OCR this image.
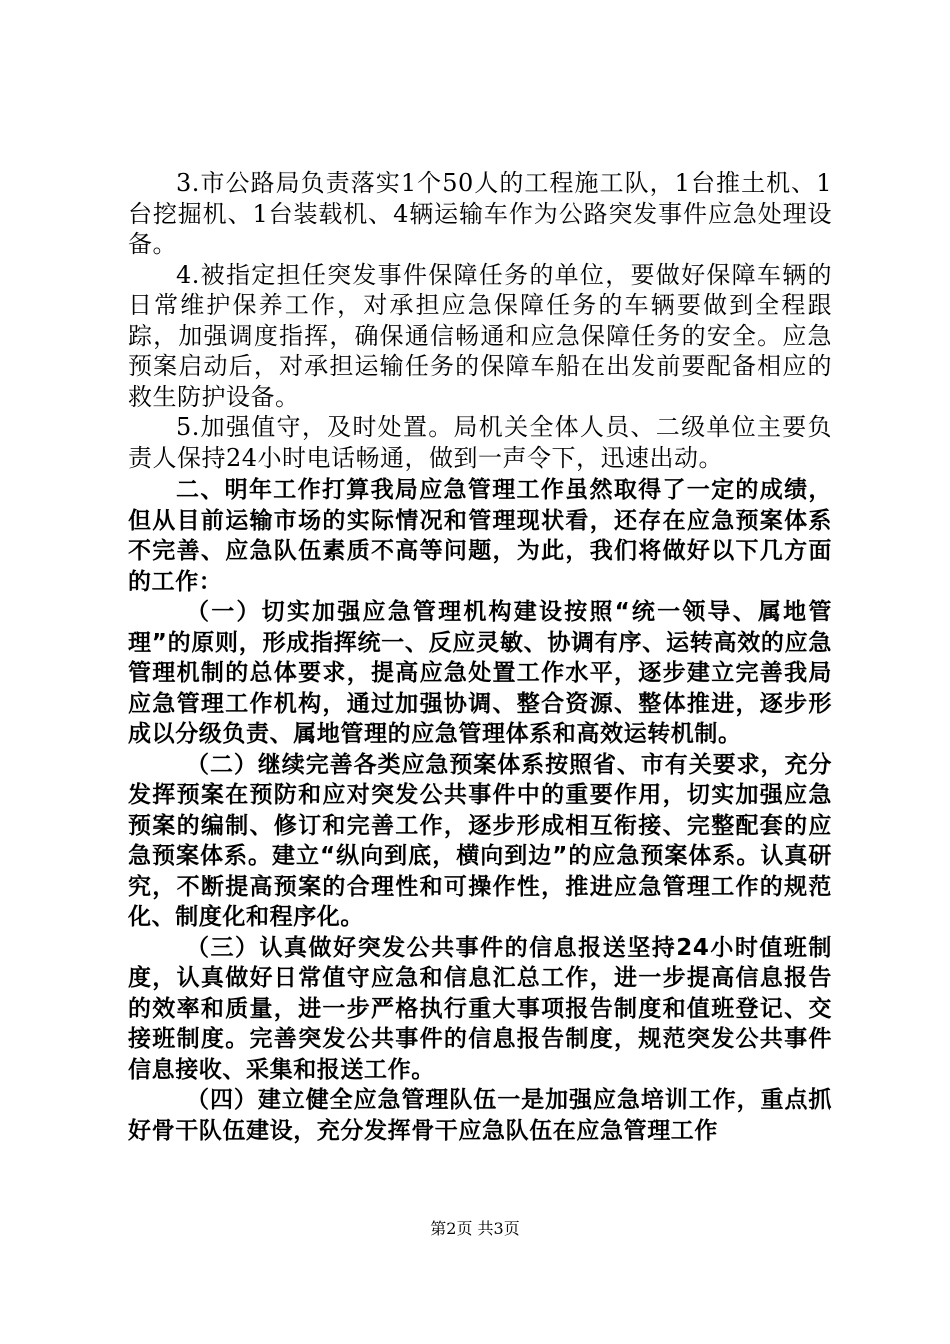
3.市公路局负责落实1个50人的工程施工队，1台推土机、1台挖掘机、1台装载机、4辆运输车作为公路突发事件应急处理设备。

4.被指定担任突发事件保障任务的单位，要做好保障车辆的日常维护保养工作，对承担应急保障任务的车辆要做到全程跟踪，加强调度指挥，确保通信畅通和应急保障任务的安全。应急预案启动后，对承担运输任务的保障车船在出发前要配备相应的救生防护设备。

5.加强值守，及时处置。局机关全体人员、二级单位主要负责人保持24小时电话畅通，做到一声令下，迅速出动。

二、明年工作打算我局应急管理工作虽然取得了一定的成绩，但从目前运输市场的实际情况和管理现状看，还存在应急预案体系不完善、应急队伍素质不高等问题，为此，我们将做好以下几方面的工作：

（一）切实加强应急管理机构建设按照“统一领导、属地管理”的原则，形成指挥统一、反应灵敏、协调有序、运转高效的应急管理机制的总体要求，提高应急处置工作水平，逐步建立完善我局应急管理工作机构，通过加强协调、整合资源、整体推进，逐步形成以分级负责、属地管理的应急管理体系和高效运转机制。

（二）继续完善各类应急预案体系按照省、市有关要求，充分发挥预案在预防和应对突发公共事件中的重要作用，切实加强应急预案的编制、修订和完善工作，逐步形成相互衔接、完整配套的应急预案体系。建立“纵向到底，横向到边”的应急预案体系。认真研究，不断提高预案的合理性和可操作性，推进应急管理工作的规范化、制度化和程序化。

（三）认真做好突发公共事件的信息报送坚持24小时值班制度，认真做好日常值守应急和信息汇总工作，进一步提高信息报告的效率和质量，进一步严格执行重大事项报告制度和值班登记、交接班制度。完善突发公共事件的信息报告制度，规范突发公共事件信息接收、采集和报送工作。

（四）建立健全应急管理队伍一是加强应急培训工作，重点抓好骨干队伍建设，充分发挥骨干应急队伍在应急管理工作

第2页 共3页
